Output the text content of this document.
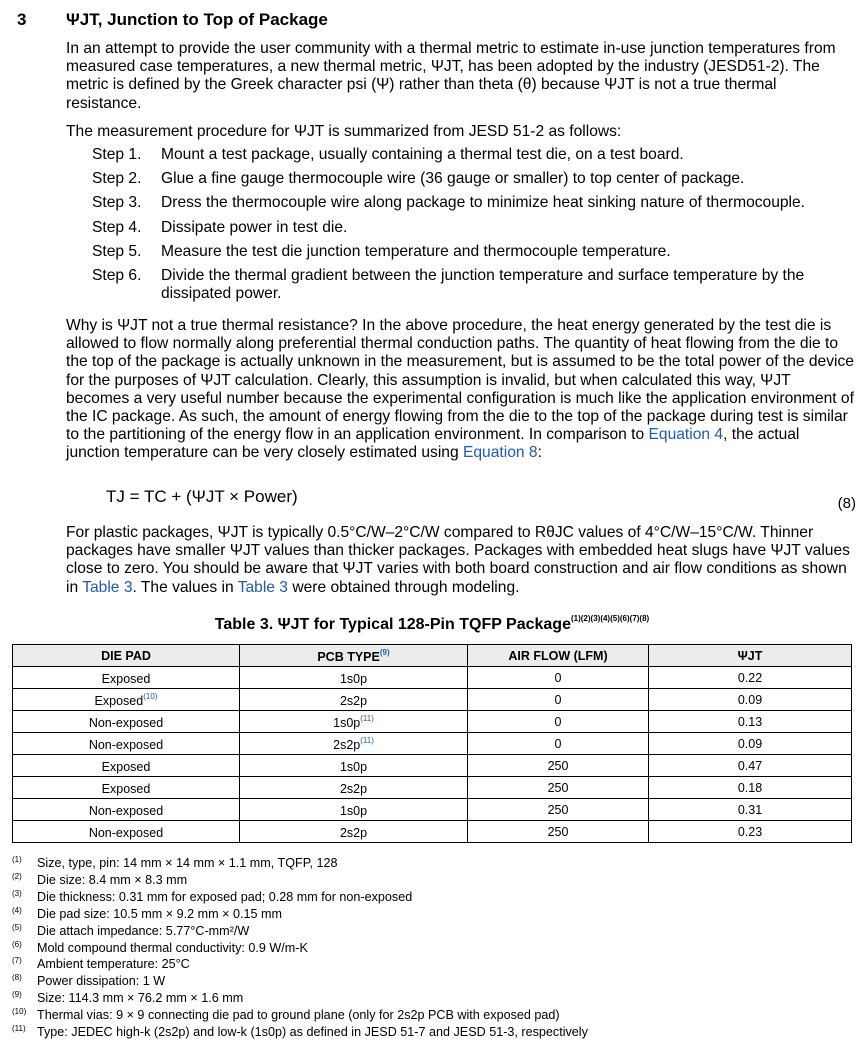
3 ΨJT, Junction to Top of Package

In an attempt to provide the user community with a thermal metric to estimate in-use junction temperatures from measured case temperatures, a new thermal metric, ΨJT, has been adopted by the industry (JESD51-2). The metric is defined by the Greek character psi (Ψ) rather than theta (θ) because ΨJT is not a true thermal resistance.

The measurement procedure for ΨJT is summarized from JESD 51-2 as follows:

Step 1.	Mount a test package, usually containing a thermal test die, on a test board.
Step 2.	Glue a fine gauge thermocouple wire (36 gauge or smaller) to top center of package.
Step 3.	Dress the thermocouple wire along package to minimize heat sinking nature of thermocouple.
Step 4.	Dissipate power in test die.
Step 5.	Measure the test die junction temperature and thermocouple temperature.
Step 6.	Divide the thermal gradient between the junction temperature and surface temperature by the dissipated power.

Why is ΨJT not a true thermal resistance? In the above procedure, the heat energy generated by the test die is allowed to flow normally along preferential thermal conduction paths. The quantity of heat flowing from the die to the top of the package is actually unknown in the measurement, but is assumed to be the total power of the device for the purposes of ΨJT calculation. Clearly, this assumption is invalid, but when calculated this way, ΨJT becomes a very useful number because the experimental configuration is much like the application environment of the IC package. As such, the amount of energy flowing from the die to the top of the package during test is similar to the partitioning of the energy flow in an application environment. In comparison to Equation 4, the actual junction temperature can be very closely estimated using Equation 8:

TJ = TC + (ΨJT × Power)	(8)

For plastic packages, ΨJT is typically 0.5°C/W–2°C/W compared to RθJC values of 4°C/W–15°C/W. Thinner packages have smaller ΨJT values than thicker packages. Packages with embedded heat slugs have ΨJT values close to zero. You should be aware that ΨJT varies with both board construction and air flow conditions as shown in Table 3. The values in Table 3 were obtained through modeling.

Table 3. ΨJT for Typical 128-Pin TQFP Package$^{(1)(2)(3)(4)(5)(6)(7)(8)}$
DIE PAD	PCB TYPE$^{(9)}$	AIR FLOW (LFM)	ΨJT
Exposed	1s0p	0	0.22
Exposed$^{(10)}$	2s2p	0	0.09
Non-exposed	$1s0p^{(11)}$	0	0.13
Non-exposed	$2s2p^{(11)}$	0	0.09
Exposed	1s0p	250	0.47
Exposed	2s2p	250	0.18
Non-exposed	1s0p	250	0.31
Non-exposed	2s2p	250	0.23
(1)	Size, type, pin: 14 mm × 14 mm × 1.1 mm, TQFP, 128
(2)	Die size: 8.4 mm × 8.3 mm
(3)	Die thickness: 0.31 mm for exposed pad; 0.28 mm for non-exposed
(4)	Die pad size: 10.5 mm × 9.2 mm × 0.15 mm
(5)	Die attach impedance: 5.77°C-mm²/W
(6)	Mold compound thermal conductivity: 0.9 W/m-K
(7)	Ambient temperature: 25°C
(8)	Power dissipation: 1 W
(9)	Size: 114.3 mm × 76.2 mm × 1.6 mm
(10) Thermal vias: 9 × 9 connecting die pad to ground plane (only for 2s2p PCB with exposed pad)
(11) Type: JEDEC high-k (2s2p) and low-k (1s0p) as defined in JESD 51-7 and JESD 51-3, respectively
